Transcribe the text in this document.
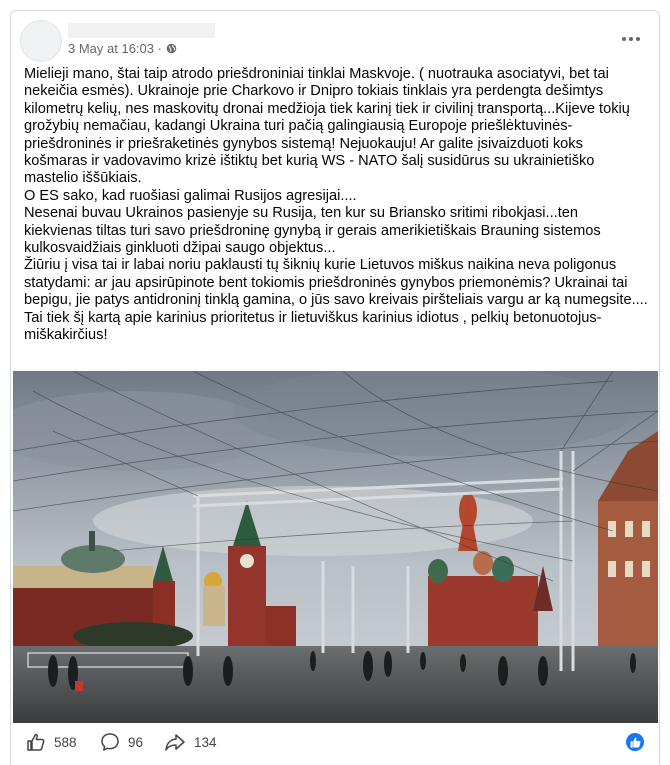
3 May at 16:03 ·

Mielieji mano, štai taip atrodo priešdroniniai tinklai Maskvoje. ( nuotrauka asociatyvi, bet tai nekeičia esmės). Ukrainoje prie Charkovo ir Dnipro tokiais tinklais yra perdengta dešimtys kilometrų kelių, nes maskovitų dronai medžioja tiek karinį tiek ir civilinį transportą...Kijeve tokių grožybių nemačiau, kadangi Ukraina turi pačią galingiausią Europoje priešlėktuvinės-priešdroninės ir priešraketinės gynybos sistemą! Nejuokauju! Ar galite įsivaizduoti koks košmaras ir vadovavimo krizė ištiktų bet kurią WS - NATO šalį susidūrus su ukrainietiško mastelio iššūkiais.

O ES sako, kad ruošiasi galimai Rusijos agresijai....

Nesenai buvau Ukrainos pasienyje su Rusija, ten kur su Briansko sritimi ribokjasi...ten kiekvienas tiltas turi savo priešdroninę gynybą ir gerais amerikietiškais Brauning sistemos kulkosvaidžiais ginkluoti džipai saugo objektus...

Žiūriu į visa tai ir labai noriu paklausti tų šiknių kurie Lietuvos miškus naikina neva poligonus statydami: ar jau apsirūpinote bent tokiomis priešdroninės gynybos priemonėmis? Ukrainai tai bepigu, jie patys antidroninį tinklą gamina, o jūs savo kreivais piršteliais vargu ar ką numegsite....

Tai tiek šį kartą apie karinius prioritetus ir lietuviškus karinius idiotus , pelkių betonuotojus-miškakirčius!

588	96	134
